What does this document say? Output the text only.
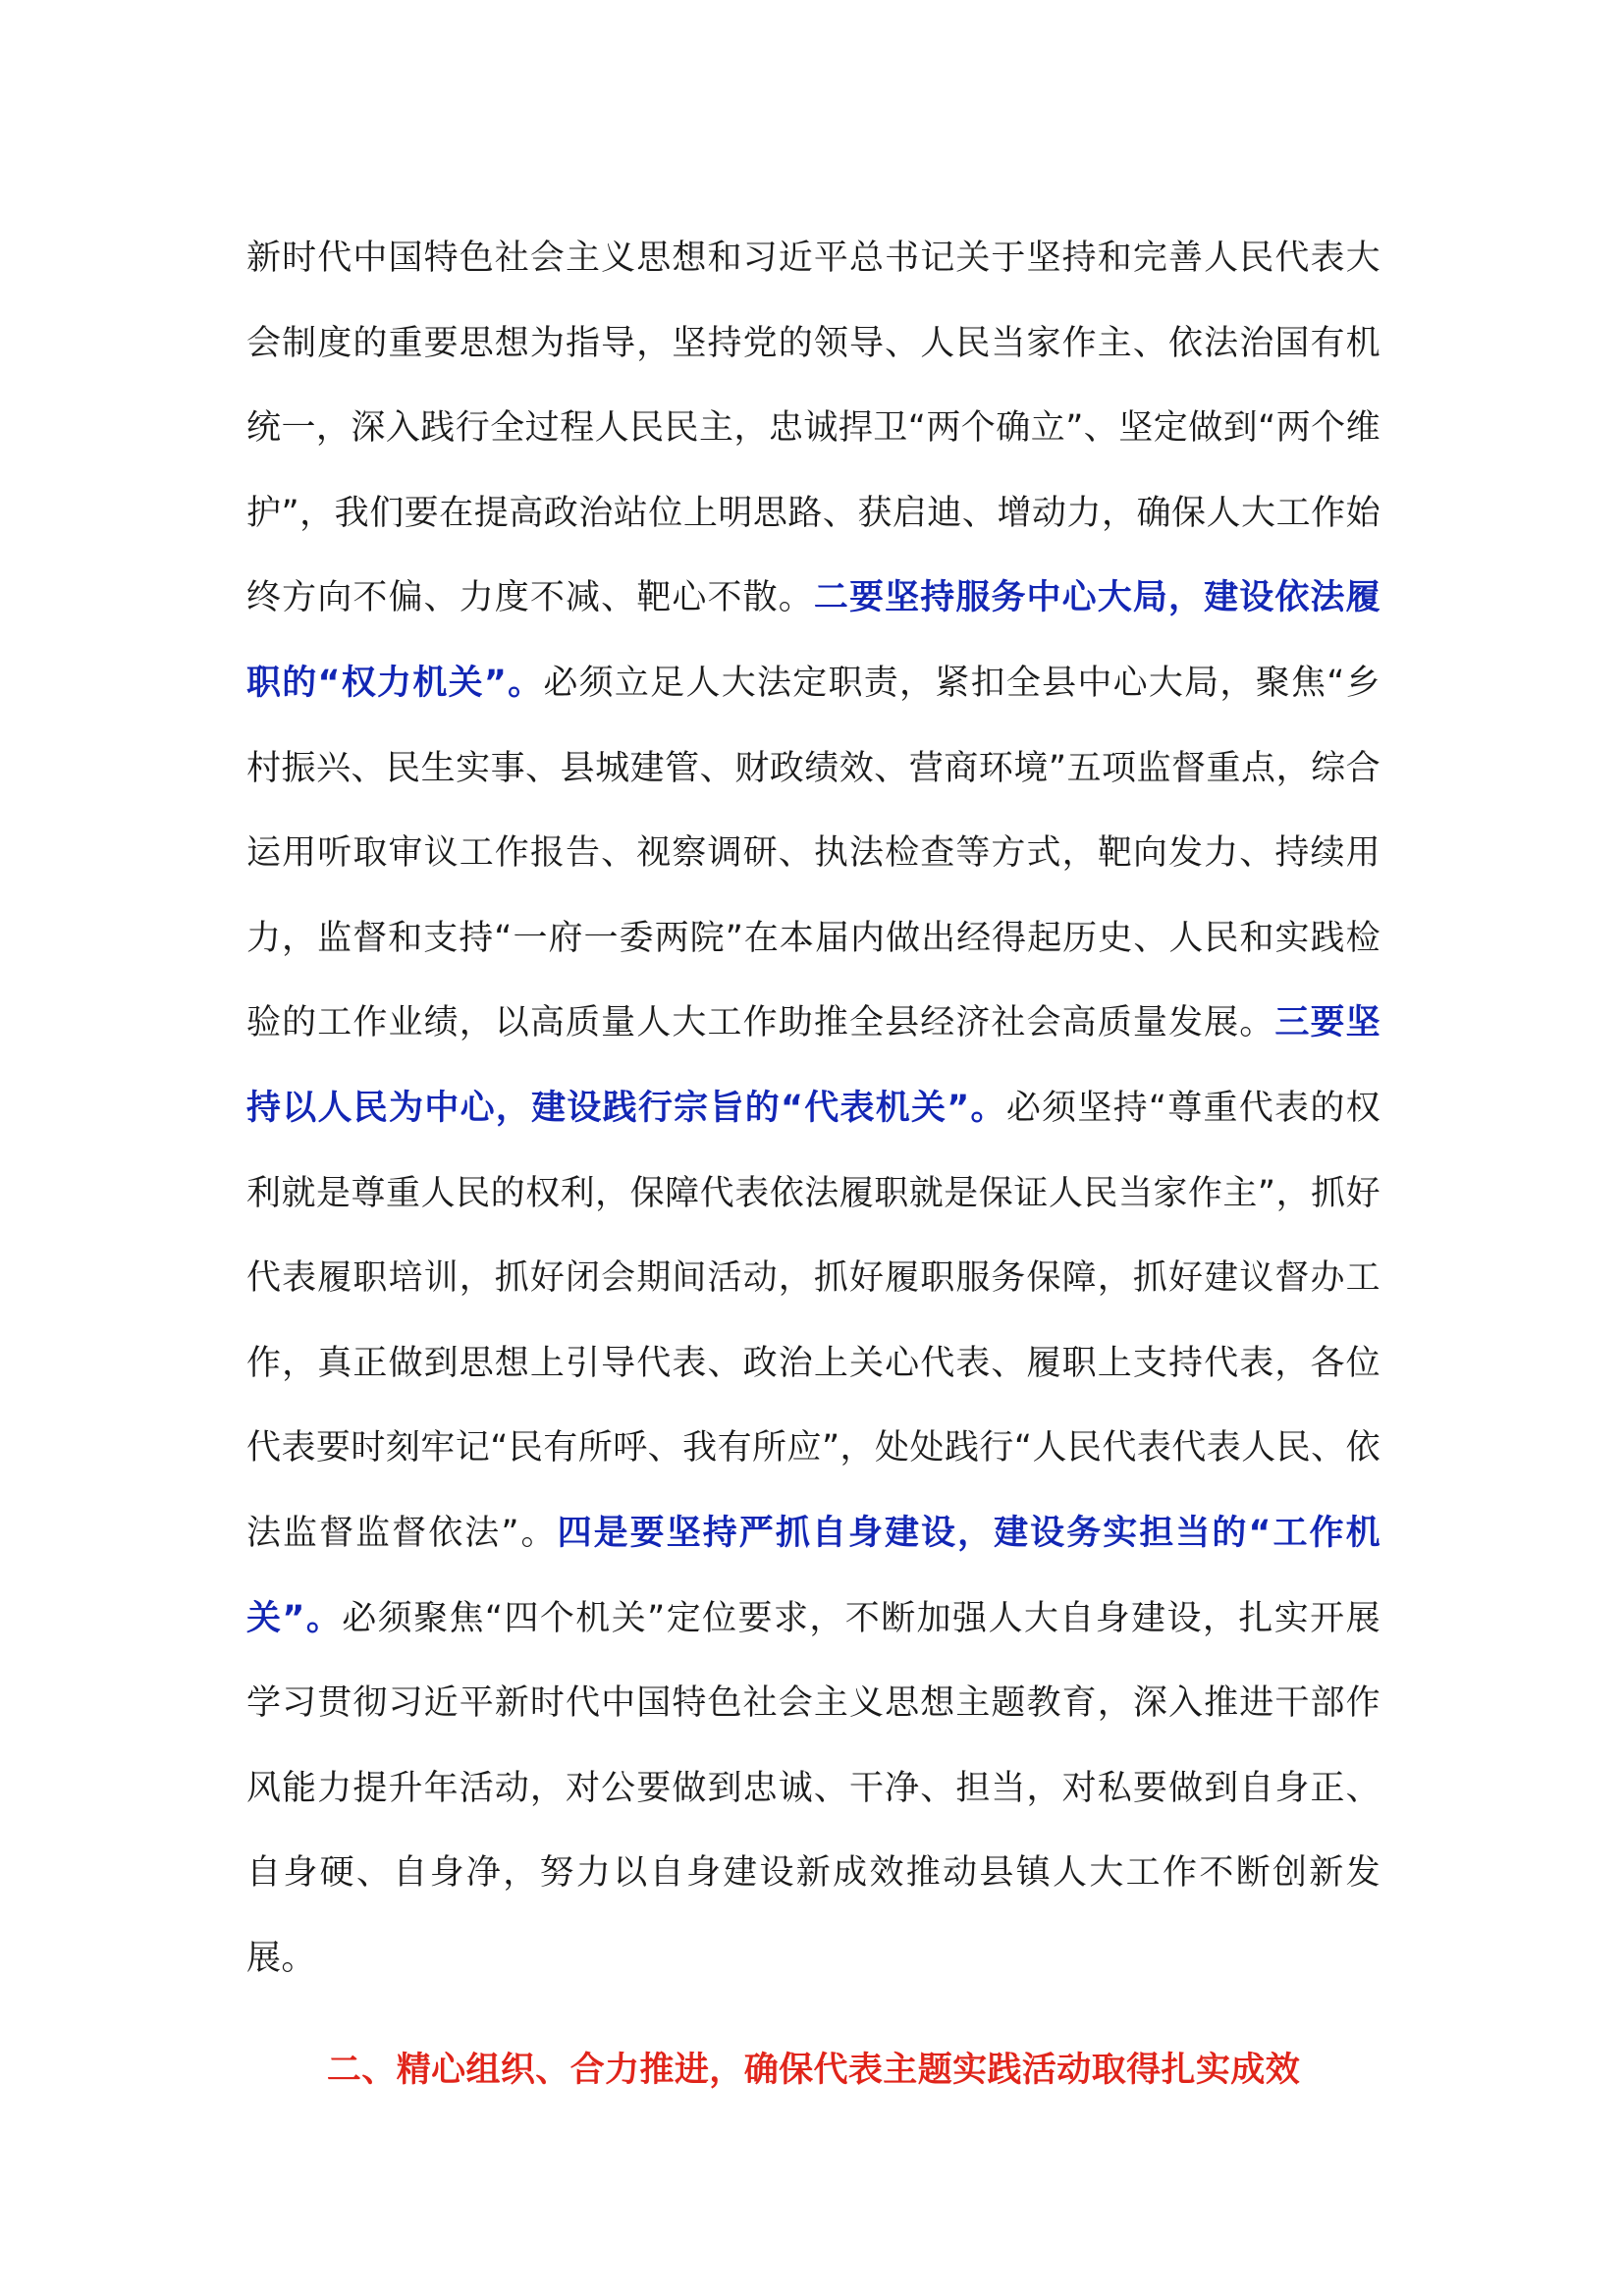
新时代中国特色社会主义思想和习近平总书记关于坚持和完善人民代表大会制度的重要思想为指导，坚持党的领导、人民当家作主、依法治国有机统一，深入践行全过程人民民主，忠诚捍卫“两个确立”、坚定做到“两个维护”，我们要在提高政治站位上明思路、获启迪、增动力，确保人大工作始终方向不偏、力度不减、靶心不散。二要坚持服务中心大局，建设依法履职的“权力机关”。必须立足人大法定职责，紧扣全县中心大局，聚焦“乡村振兴、民生实事、县城建管、财政绩效、营商环境”五项监督重点，综合运用听取审议工作报告、视察调研、执法检查等方式，靶向发力、持续用力，监督和支持“一府一委两院”在本届内做出经得起历史、人民和实践检验的工作业绩，以高质量人大工作助推全县经济社会高质量发展。三要坚持以人民为中心，建设践行宗旨的“代表机关”。必须坚持“尊重代表的权利就是尊重人民的权利，保障代表依法履职就是保证人民当家作主”，抓好代表履职培训，抓好闭会期间活动，抓好履职服务保障，抓好建议督办工作，真正做到思想上引导代表、政治上关心代表、履职上支持代表，各位代表要时刻牢记“民有所呼、我有所应”，处处践行“人民代表代表人民、依法监督监督依法”。四是要坚持严抓自身建设，建设务实担当的“工作机关”。必须聚焦“四个机关”定位要求，不断加强人大自身建设，扎实开展学习贯彻习近平新时代中国特色社会主义思想主题教育，深入推进干部作风能力提升年活动，对公要做到忠诚、干净、担当，对私要做到自身正、自身硬、自身净，努力以自身建设新成效推动县镇人大工作不断创新发展。

二、精心组织、合力推进，确保代表主题实践活动取得扎实成效
